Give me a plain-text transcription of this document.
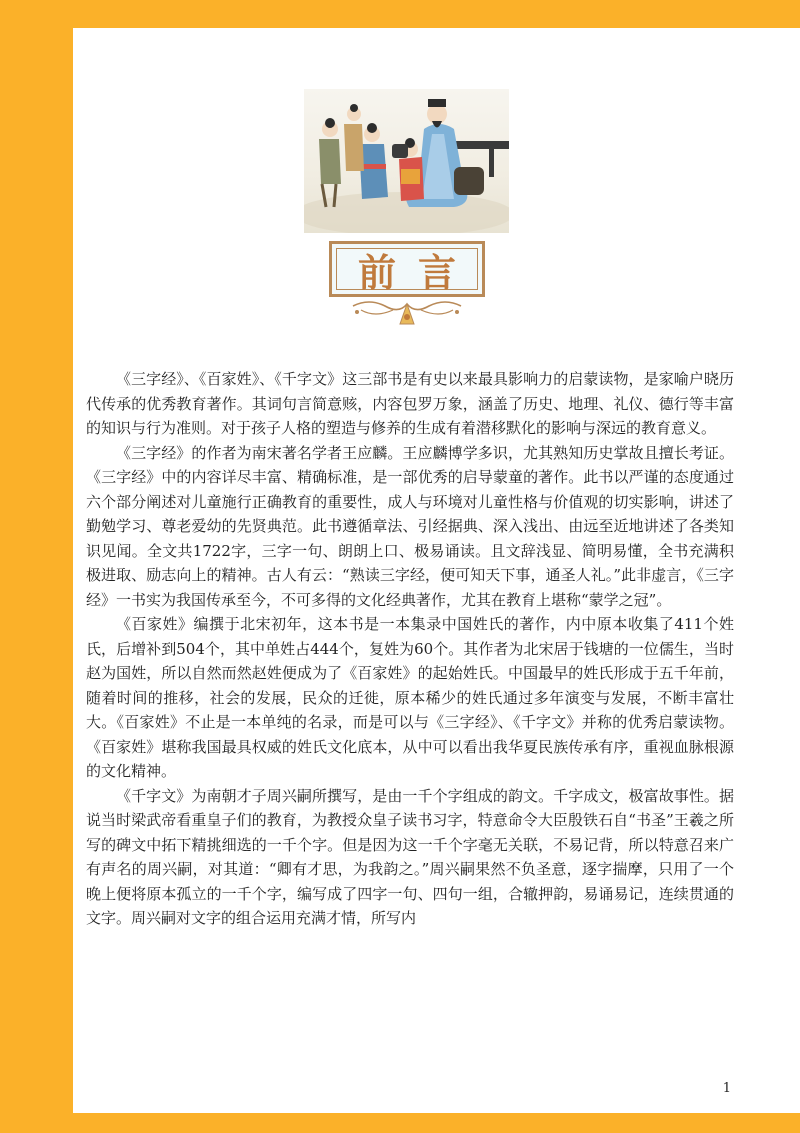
前言

《三字经》、《百家姓》、《千字文》这三部书是有史以来最具影响力的启蒙读物，是家喻户晓历代传承的优秀教育著作。其词句言简意赅，内容包罗万象，涵盖了历史、地理、礼仪、德行等丰富的知识与行为准则。对于孩子人格的塑造与修养的生成有着潜移默化的影响与深远的教育意义。

《三字经》的作者为南宋著名学者王应麟。王应麟博学多识，尤其熟知历史掌故且擅长考证。《三字经》中的内容详尽丰富、精确标准，是一部优秀的启导蒙童的著作。此书以严谨的态度通过六个部分阐述对儿童施行正确教育的重要性，成人与环境对儿童性格与价值观的切实影响，讲述了勤勉学习、尊老爱幼的先贤典范。此书遵循章法、引经据典、深入浅出、由远至近地讲述了各类知识见闻。全文共1722字，三字一句、朗朗上口、极易诵读。且文辞浅显、简明易懂，全书充满积极进取、励志向上的精神。古人有云：“熟读三字经，便可知天下事，通圣人礼。”此非虚言，《三字经》一书实为我国传承至今，不可多得的文化经典著作，尤其在教育上堪称“蒙学之冠”。

《百家姓》编撰于北宋初年，这本书是一本集录中国姓氏的著作，内中原本收集了411个姓氏，后增补到504个，其中单姓占444个，复姓为60个。其作者为北宋居于钱塘的一位儒生，当时赵为国姓，所以自然而然赵姓便成为了《百家姓》的起始姓氏。中国最早的姓氏形成于五千年前，随着时间的推移，社会的发展，民众的迁徙，原本稀少的姓氏通过多年演变与发展，不断丰富壮大。《百家姓》不止是一本单纯的名录，而是可以与《三字经》、《千字文》并称的优秀启蒙读物。《百家姓》堪称我国最具权威的姓氏文化底本，从中可以看出我华夏民族传承有序，重视血脉根源的文化精神。

《千字文》为南朝才子周兴嗣所撰写，是由一千个字组成的韵文。千字成文，极富故事性。据说当时梁武帝看重皇子们的教育，为教授众皇子读书习字，特意命令大臣殷铁石自“书圣”王羲之所写的碑文中拓下精挑细选的一千个字。但是因为这一千个字毫无关联，不易记背，所以特意召来广有声名的周兴嗣，对其道：“卿有才思，为我韵之。”周兴嗣果然不负圣意，逐字揣摩，只用了一个晚上便将原本孤立的一千个字，编写成了四字一句、四句一组，合辙押韵，易诵易记，连续贯通的文字。周兴嗣对文字的组合运用充满才情，所写内

1
